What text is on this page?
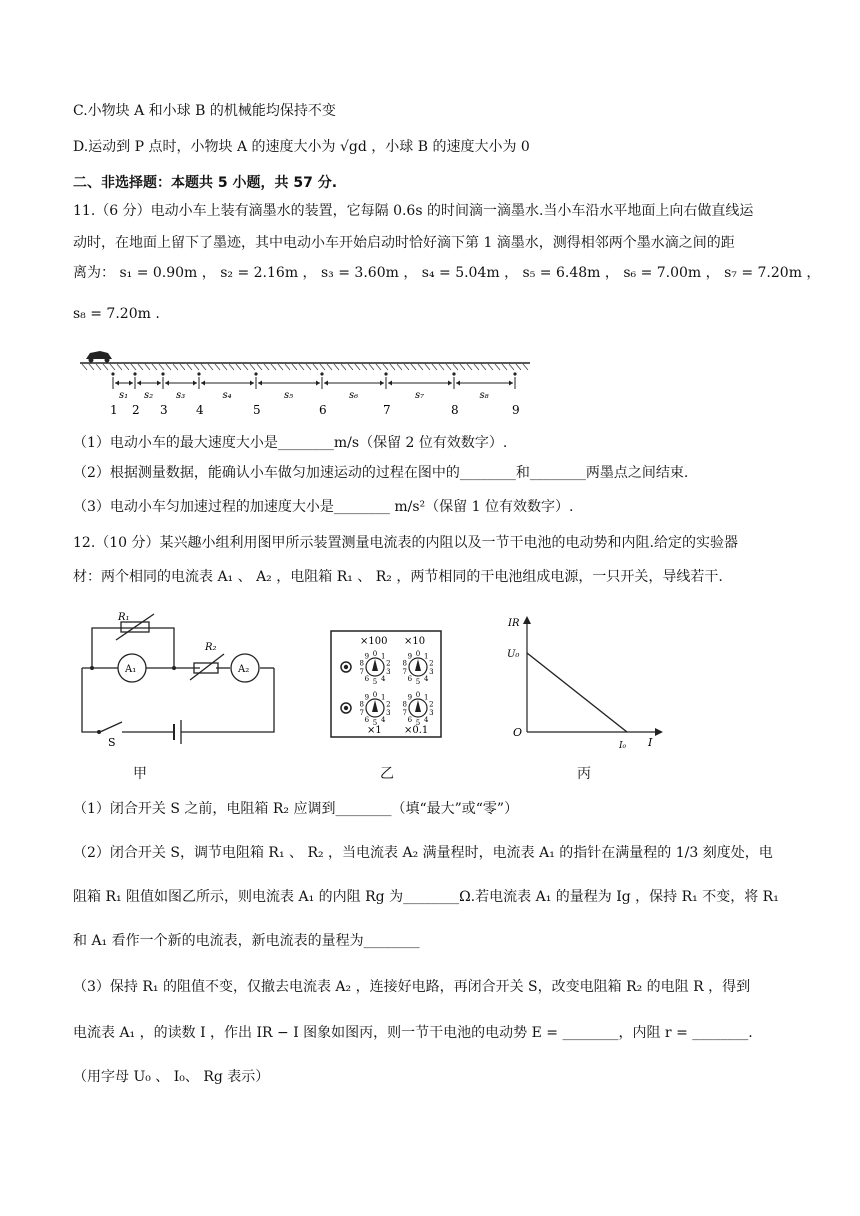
C.小物块 A 和小球 B 的机械能均保持不变
D.运动到 P 点时，小物块 A 的速度大小为 √gd ，小球 B 的速度大小为 0
二、非选择题：本题共 5 小题，共 57 分.
11.（6 分）电动小车上装有滴墨水的装置，它每隔 0.6s 的时间滴一滴墨水.当小车沿水平地面上向右做直线运
动时，在地面上留下了墨迹，其中电动小车开始启动时恰好滴下第 1 滴墨水，测得相邻两个墨水滴之间的距
离为： s₁ = 0.90m ， s₂ = 2.16m ， s₃ = 3.60m ， s₄ = 5.04m ， s₅ = 6.48m ， s₆ = 7.00m ， s₇ = 7.20m ，
s₈ = 7.20m .
1 2 3 4	5	6	7	8	9
s₁ s₂ s₃	s₄	s₅	s₆	s₇	s₈
（1）电动小车的最大速度大小是________m/s（保留 2 位有效数字）.
（2）根据测量数据，能确认小车做匀加速运动的过程在图中的________和________两墨点之间结束.
（3）电动小车匀加速过程的加速度大小是________ m/s²（保留 1 位有效数字）.
12.（10 分）某兴趣小组利用图甲所示装置测量电流表的内阻以及一节干电池的电动势和内阻.给定的实验器
材：两个相同的电流表 A₁ 、 A₂ ，电阻箱 R₁ 、 R₂ ，两节相同的干电池组成电源，一只开关，导线若干.
R₁
R₂
A₁	A₂
S
×100 ×10
×1 ×0.1
0 1
2
3
4
5
6
7
8
9	0 1
2
3
4
5
6
7
8
9
0 1
2
3
4
5
6
7
8
9	0 1
2
3
4
5
6
7
8
9
IR
U₀
O
I₀ I
甲	乙	丙
（1）闭合开关 S 之前，电阻箱 R₂ 应调到________（填“最大”或“零”）
（2）闭合开关 S，调节电阻箱 R₁ 、 R₂ ，当电流表 A₂ 满量程时，电流表 A₁ 的指针在满量程的 1/3 刻度处，电
阻箱 R₁ 阻值如图乙所示，则电流表 A₁ 的内阻 Rg 为________Ω.若电流表 A₁ 的量程为 Ig ，保持 R₁ 不变，将 R₁
和 A₁ 看作一个新的电流表，新电流表的量程为________
（3）保持 R₁ 的阻值不变，仅撤去电流表 A₂ ，连接好电路，再闭合开关 S，改变电阻箱 R₂ 的电阻 R ，得到
电流表 A₁ ，的读数 I ，作出 IR − I 图象如图丙，则一节干电池的电动势 E = ________，内阻 r = ________.
（用字母 U₀ 、 I₀、 Rg 表示）
